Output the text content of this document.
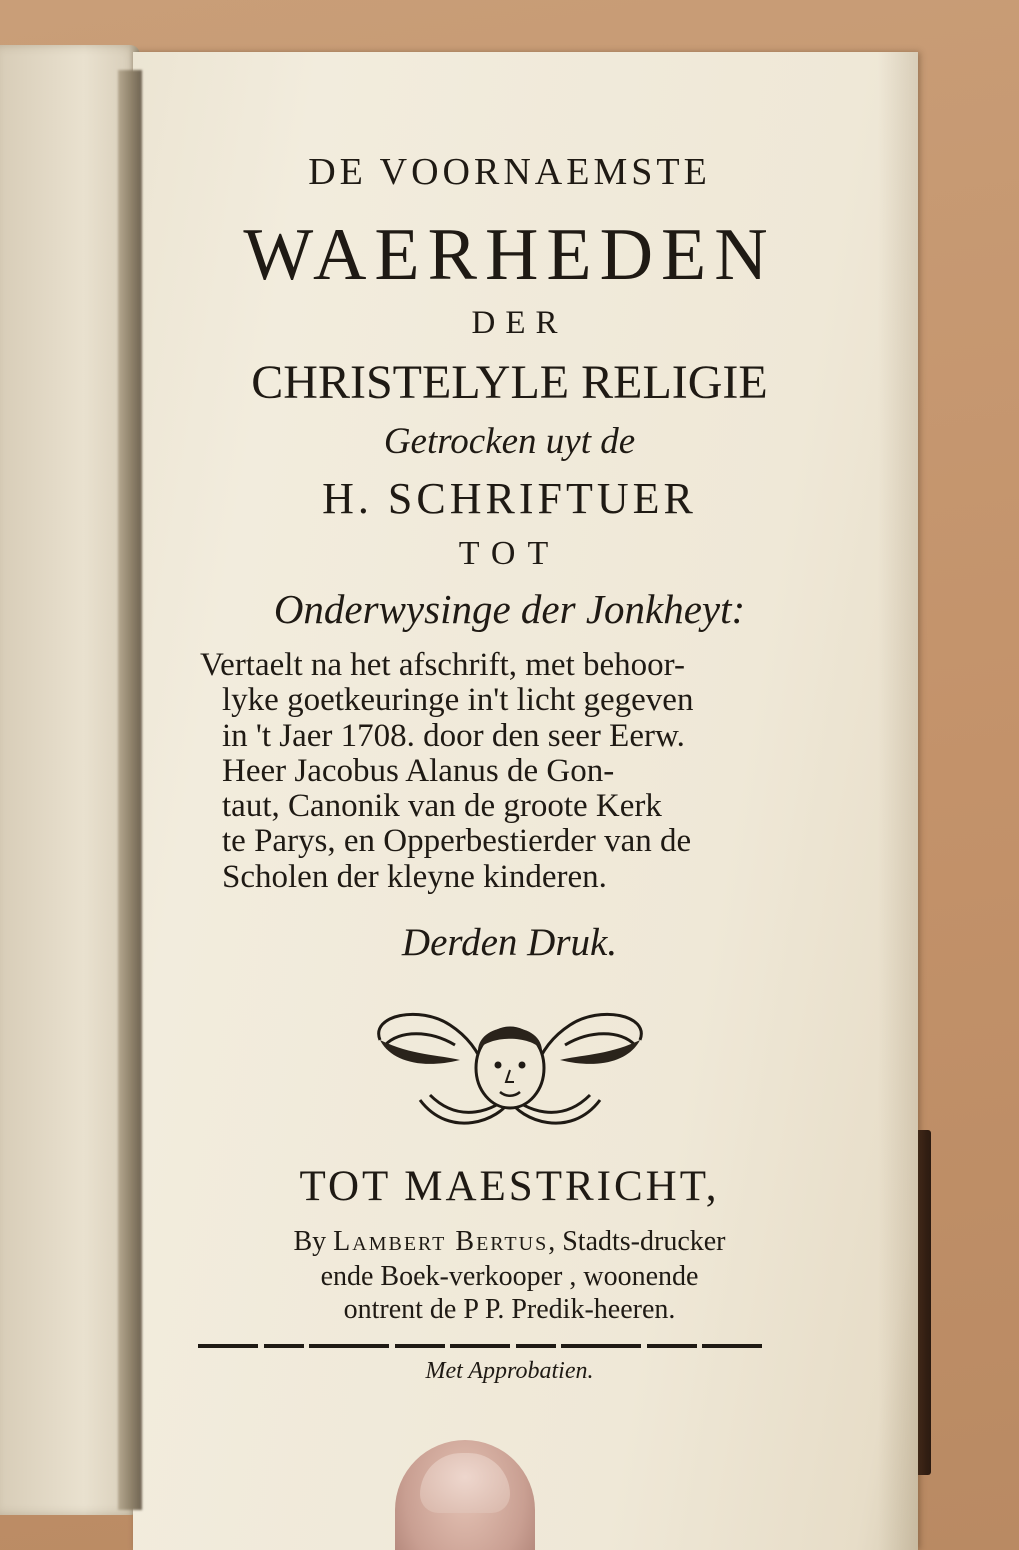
DE VOORNAEMSTE
WAERHEDEN
DER
CHRISTELYLE RELIGIE
Getrocken uyt de
H. SCHRIFTUER
TOT
Onderwysinge der Jonkheyt:
Vertaelt na het afschrift, met behoor-
lyke goetkeuringe in't licht gegeven
in 't Jaer 1708. door den seer Eerw.
Heer Jacobus Alanus de Gon-
taut, Canonik van de groote Kerk
te Parys, en Opperbestierder van de
Scholen der kleyne kinderen.
Derden Druk.
TOT MAESTRICHT,
By Lambert Bertus, Stadts-drucker
ende Boek-verkooper , woonende
ontrent de P P. Predik-heeren.
Met Approbatien.
